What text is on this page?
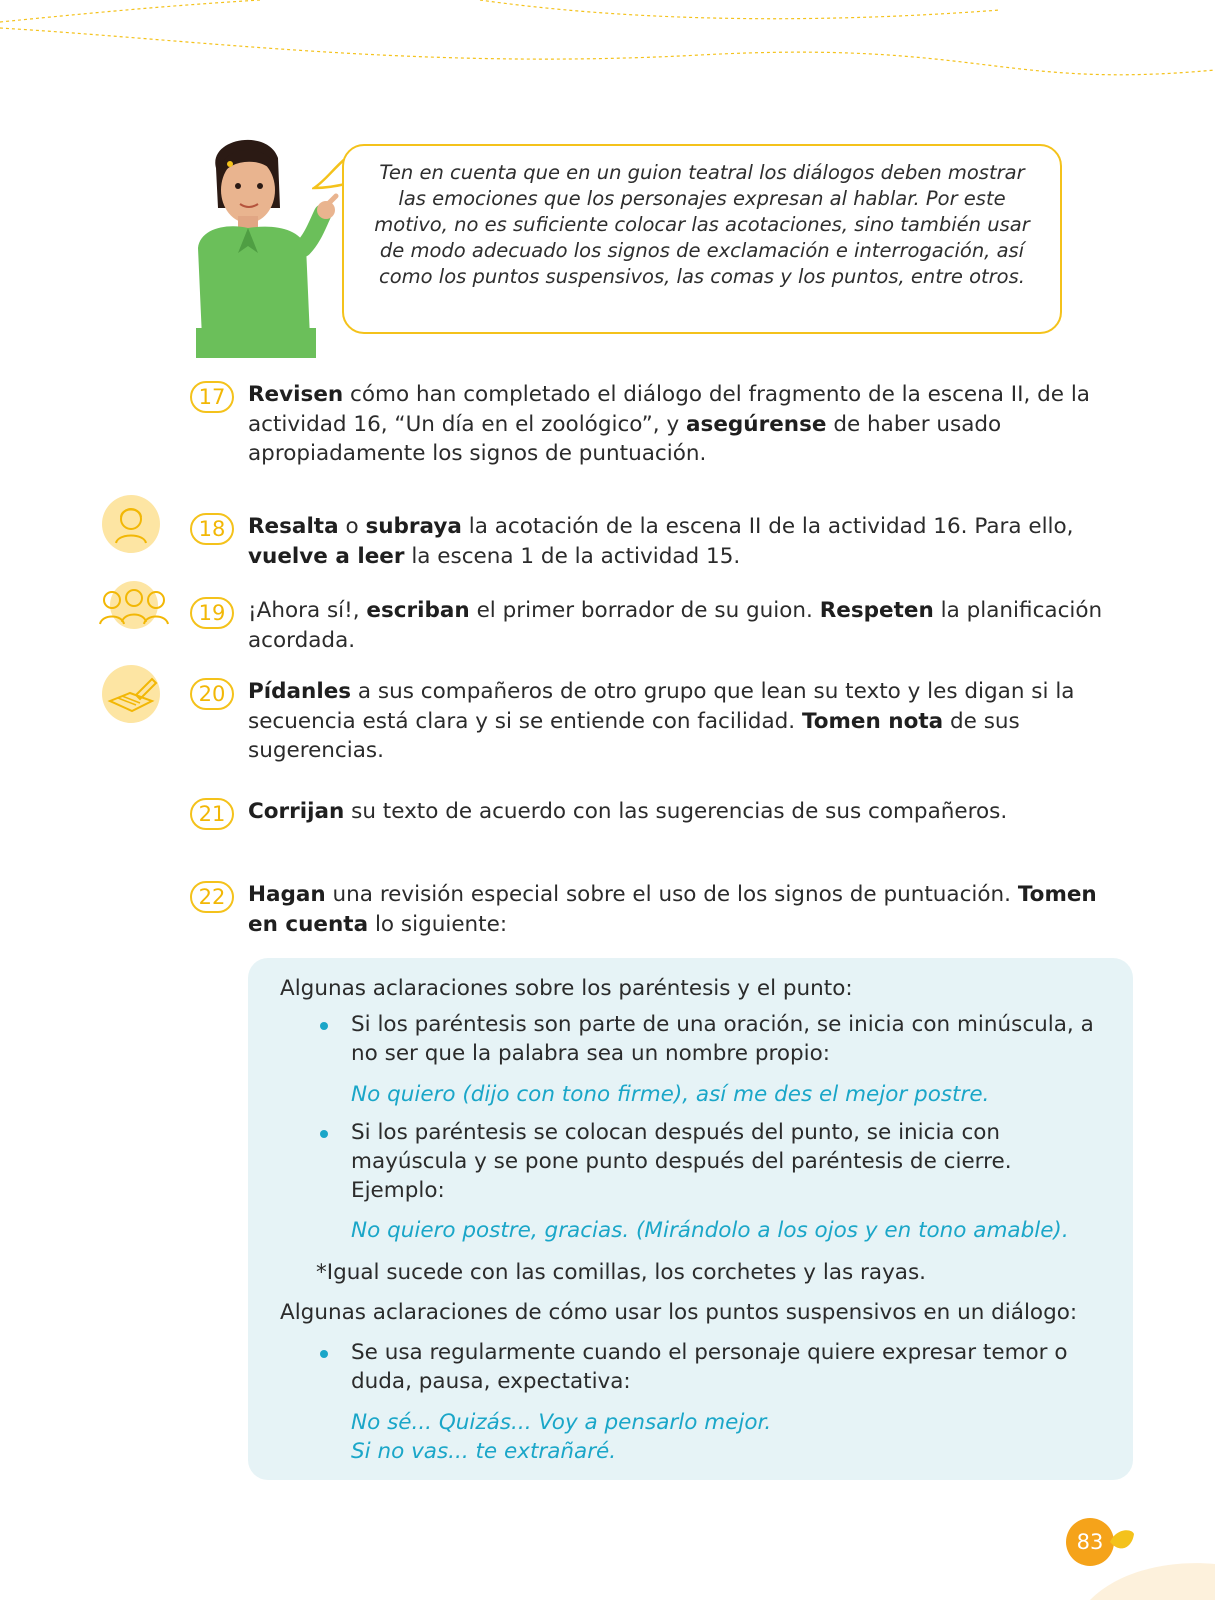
Ten en cuenta que en un guion teatral los diálogos deben mostrar las emociones que los personajes expresan al hablar. Por este motivo, no es suficiente colocar las acotaciones, sino también usar de modo adecuado los signos de exclamación e interrogación, así como los puntos suspensivos, las comas y los puntos, entre otros.
17	Revisen cómo han completado el diálogo del fragmento de la escena II, de la actividad 16, “Un día en el zoológico”, y asegúrense de haber usado apropiadamente los signos de puntuación.
18	Resalta o subraya la acotación de la escena II de la actividad 16. Para ello, vuelve a leer la escena 1 de la actividad 15.
19	¡Ahora sí!, escriban el primer borrador de su guion. Respeten la planificación acordada.
20	Pídanles a sus compañeros de otro grupo que lean su texto y les digan si la secuencia está clara y si se entiende con facilidad. Tomen nota de sus sugerencias.
21	Corrijan su texto de acuerdo con las sugerencias de sus compañeros.
22	Hagan una revisión especial sobre el uso de los signos de puntuación. Tomen en cuenta lo siguiente:

Algunas aclaraciones sobre los paréntesis y el punto:

Si los paréntesis son parte de una oración, se inicia con minúscula, a no ser que la palabra sea un nombre propio:

No quiero (dijo con tono firme), así me des el mejor postre.

Si los paréntesis se colocan después del punto, se inicia con mayúscula y se pone punto después del paréntesis de cierre. Ejemplo:

No quiero postre, gracias. (Mirándolo a los ojos y en tono amable).

*Igual sucede con las comillas, los corchetes y las rayas.

Algunas aclaraciones de cómo usar los puntos suspensivos en un diálogo:

Se usa regularmente cuando el personaje quiere expresar temor o duda, pausa, expectativa:

No sé... Quizás... Voy a pensarlo mejor.

Si no vas... te extrañaré.

83
